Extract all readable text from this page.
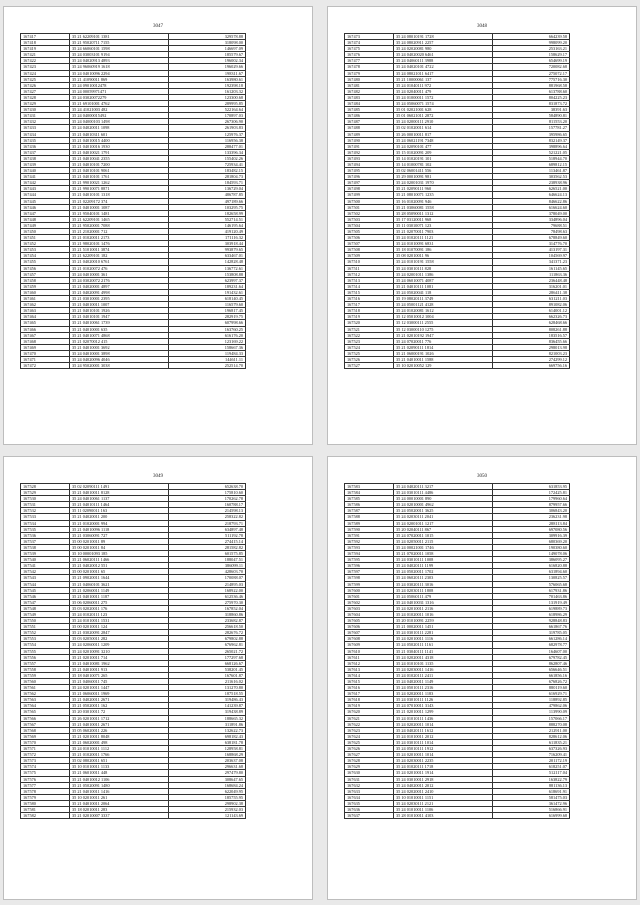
3047
167417	35 21 62209101 1381	329578.88
167418	35 21 95020711 7155	318098.00
167419	35 24 66060101 1598	146697.09
167421	35 24 03003101 9194	185579.67
167422	35 24 04020913 4893	196002.34
167423	35 24 96060919 1618	196029.66
167424	35 24 04010096 2294	198311.67
167425	35 21 41090011 869	163980.61
167426	35 24 09010012478	192398.18
167427	35 24 00059971471	161203.32
167428	35 24 03020072279	123300.68
167429	35 21 69101001 4762	289995.85
167430	35 24 41021003 482	522164.64
167431	35 24 04000015492	170897.03
167432	35 24 04000103 1498	267306.90
167433	35 24 04020011 1098	261903.83
167434	35 21 04010311 601	125976.37
167435	35 21 04010015 4400	116956.38
167436	35 21 04010016 1930	288477.01
167437	35 21 04010021 1791	133396.34
167438	35 21 04010041 2355	155402.26
167439	35 21 04010101 7200	725934.41
167440	35 21 04010101 9061	183482.15
167441	35 21 04010101 1761	281804.73
167442	35 21 99010021 1262	184593.71
167443	35 21 99010071 8871	136729.04
167444	35 21 04010101 1318	486787.85
167445	35 21 02209172 374	497189.66
167446	35 21 04010001 1087	103295.75
167447	35 21 95040101 1481	182658.99
167448	35 21 62209101 1465	552714.51
167449	35 21 95020001 7088	146195.64
167450	35 21 21020001 712	419120.49
167451	35 21 01020011 2173	171116.32
167452	35 21 98020101 1476	303918.44
167453	35 21 51010011 3874	993879.65
167454	35 21 62209101 182	633467.01
167455	35 21 04020010 6761	142828.48
167456	35 21 01020072 476	136772.61
167457	35 24 04010001 361	153808.88
167458	35 24 03020072 2176	623997.37
167459	35 21 04020001 4897	189231.64
167460	35 21 04020091 4998	191432.61
167461	35 21 03010001 2395	618140.45
167462	35 21 04010011 1007	116579.60
167463	35 21 04010101 1926	196817.45
167464	35 21 04010101 1947	282919.75
167465	35 21 04010061 1739	607998.66
167466	35 21 04010001 635	163760.25
167467	35 21 04010071 4868	616176.20
167468	35 21 02070012 415	123169.22
167469	35 21 04010001 3692	158667.36
167470	35 24 04010001 3898	119484.33
167471	35 24 04020096 4046	144611.11
167472	35 24 95020001 3038	252514.70
3048
167473	35 24 08010191 1728	664239.58
167474	35 24 08020911 2257	998099.20
167475	35 24 02020081 980	253163.21
167476	35 24 04020020 6461	158629.17
167477	35 24 04060111 3988	654699.19
167478	35 24 04020101 4722	720082.68
167479	35 24 08021011 6417	275072.17
167480	35 21 10000061 137	775716.30
167481	35 24 01040111 972	881968.58
167482	35 24 02040011 479	613788.60
167483	35 24 01000011 1572	804225.23
167484	35 24 05060071 1574	831873.72
167485	35 01 02021001 628	38391.63
167486	35 01 06021011 2872	584890.81
167487	35 24 02000111 2910	811553.20
167488	35 02 01020011 614	157781.27
167489	35 26 00010011 817	395986.65
167490	35 24 06021191 7348	832149.37
167491	35 24 02090101 477	398896.64
167492	35 15 01020091 209	521221.05
167493	35 14 01020191 101	518944.70
167494	35 14 01000781 102	689812.15
167495	35 02 06001411 556	113461.87
167496	35 29 00010091 981	303562.53
167497	35 24 02001031 1970	238938.96
167498	35 21 02090111 960	626521.00
167499	35 21 08010071 1235	646624.13
167500	35 16 01020091 946	846622.86
167501	35 21 03060081 1558	616624.60
167502	35 28 05090011 1312	378049.00
167503	35 17 03120011 968	334896.04
167504	35 11 03010071 123	79688.51
167505	35 21 02070011 7903	78498.63
167506	35 24 01020111 1121	678849.60
167507	35 24 01010091 6831	314776.70
167508	35 18 01070091 186	413197.31
167509	35 08 02010011 96	104569.97
167510	35 24 01010191 1558	341371.23
167511	35 24 03010111 828	161145.65
167512	35 24 02001011 1386	111863.36
167513	35 24 06010071 4087	236448.48
167514	35 21 04010111 1081	316201.01
167515	35 24 05020041 118	286411.38
167516	35 19 08020111 3749	631211.03
167517	35 24 05001121 4128	891082.06
167518	35 24 01020081 1612	614001.12
167519	35 12 05010012 1004	662326.73
167520	35 12 03000111 2555	628468.66
167521	35 12 03000110 1275	808261.88
167522	35 21 02010192 1947	183516.57
167523	35 24 07020011 776	836455.66
167524	35 21 02090111 1814	298013.98
167525	35 21 06000191 1026	821003.23
167526	35 21 04010011 1588	274299.12
167527	35 10 02010052 129	669756.16
3049
167528	35 02 02090111 1491	652638.70
167529	35 21 04010011 8128	175810.60
167530	35 24 04010061 1137	170262.78
167531	35 21 04010111 1464	160788.17
167532	35 11 02090011 163	214598.13
167533	35 21 04020011 200	258322.82
167534	35 21 01020001 994	218793.71
167535	35 21 04010096 1118	634897.48
167536	35 21 03060091 727	511192.78
167537	35 00 02010011 89	274415.14
167538	35 00 02010011 84	281582.82
167539	35 10 00001093 185	601575.85
167540	35 21 06020111 1466	188047.51
167541	35 21 04020012 551	386099.11
167542	35 00 02010011 65	428603.70
167543	35 21 09020011 1644	170088.07
167544	35 21 04060101 3621	214895.03
167545	35 21 02060011 1149	168922.00
167546	35 21 04010011 1187	612536.46
167547	35 06 02060011 275	275970.30
167548	35 03 02020011 176	167852.04
167549	35 24 01020111 123	318860.86
167550	35 24 01010011 1531	233682.87
167551	35 00 02010011 124	256618.50
167552	35 21 03020091 2847	282676.72
167553	35 03 02050011 282	679802.88
167554	35 24 02060011 1209	676962.81
167555	35 24 02010091 3210	265021.72
167556	35 21 02010011 714	177297.68
167557	35 21 04010081 1962	668126.67
167558	35 21 04010011 913	538201.45
167559	35 18 04010071 265	167601.87
167560	35 21 04060011 745	211616.02
167561	35 24 02010011 1447	131270.80
167562	35 21 06060011 1969	187518.55
167563	35 21 04020011 2671	319486.43
167564	35 21 05020011 162	141239.87
167565	35 20 03010011 72	319438.89
167566	35 26 02010011 1712	188665.32
167567	35 21 04010011 2671	311891.86
167568	35 05 06020011 226	132622.73
167569	35 21 02010011 8048	698182.43
167570	35 21 06020001 498	638181.78
167571	35 24 01010011 1112	128958.81
167572	35 21 01020011 1766	168868.29
167573	35 02 08020011 651	203637.08
167574	35 10 01010011 1133	296631.68
167575	35 21 06010011 448	297479.80
167576	35 21 04010012 1106	308647.65
167577	35 21 05020091 1480	168684.24
167578	35 21 04010011 1416	622049.95
167579	35 10 02010011 261	185755.95
167580	35 21 04010011 2064	298902.38
167581	35 18 02010011 283	215932.03
167582	35 21 02010007 3337	121143.69
3050
167583	35 24 04020111 3217	631853.95
167584	35 24 03010111 4486	172425.81
167585	35 24 00010001 890	179960.64
167586	35 24 02010001 4962	879957.66
167587	35 24 05020011 3625	306843.20
167588	35 24 02030111 2041	236231.98
167589	35 24 02001011 1217	288113.84
167590	35 20 02040111 867	697080.56
167591	35 24 07020011 1015	309916.39
167592	35 24 02050011 2115	680369.20
167593	35 24 00021001 1746	190380.60
167594	35 21 07020011 1058	149078.06
167595	35 24 03010111 1008	386095.27
167596	35 24 04020111 1199	616820.88
167597	35 24 05020011 1702	631894.60
167598	35 24 06020111 2303	130825.57
167599	35 24 03020111 3016	576065.68
167600	35 24 02030111 1808	617931.86
167601	35 24 05060111 479	701463.86
167602	35 24 04010031 1316	131919.49
167603	35 24 02010011 2116	619889.73
167604	35 24 01020011 1016	618986.29
167605	35 20 01010091 2259	928848.83
167606	35 21 00020011 1451	661867.76
167607	35 24 03010111 2281	319785.05
167608	35 24 02010011 1116	661286.14
167609	35 24 05020111 1161	682978.77
167610	35 21 03040111 1141	164607.00
167611	35 24 02020011 4318	679782.45
167612	35 24 01010101 1135	862807.46
167613	35 24 02030011 1416	656646.51
167614	35 24 01020111 2411	661856.16
167615	35 24 04020011 1149	676826.72
167616	35 24 05010111 2316	880119.60
167617	35 24 02020011 1183	616929.71
167618	35 24 03010111 1126	118892.85
167619	35 24 07010011 3143	479862.06
167620	35 21 02010011 1299	113990.09
167621	35 24 01010111 1436	157066.17
167622	35 24 02020011 1014	888270.08
167623	35 24 04020111 1612	212911.00
167624	35 24 01010011 2012	828612.06
167625	35 24 03010111 1014	611835.21
167626	35 24 05010111 1912	637326.93
167627	35 24 02010011 1014	716209.41
167628	35 24 02030011 2235	201172.19
167629	35 24 01020111 1718	618251.07
167630	35 24 02010011 1914	512117.04
167631	35 24 03010011 2918	163822.79
167632	35 24 04020011 2012	881136.13
167633	35 24 02020011 2410	618691.91
167634	35 10 01010011 1151	581475.03
167635	35 24 02030111 2121	361472.96
167636	35 24 01010011 1106	516866.91
167637	35 28 01010011 4103	616999.68
